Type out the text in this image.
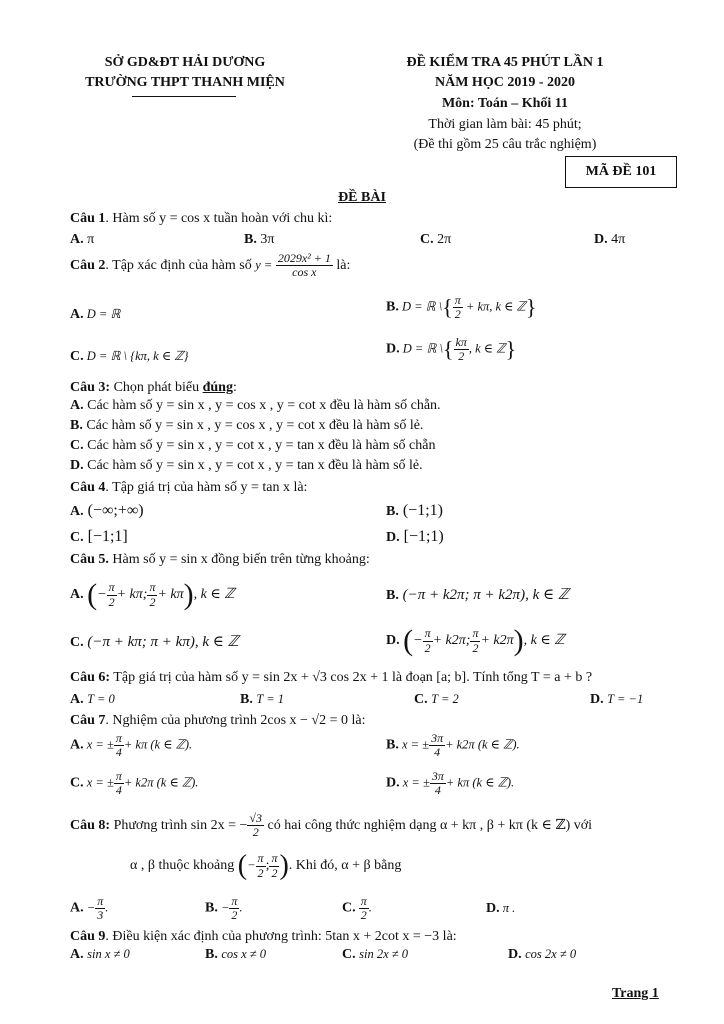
SỞ GD&ĐT HẢI DƯƠNG
TRƯỜNG THPT THANH MIỆN
ĐỀ KIỂM TRA 45 PHÚT LẦN 1
NĂM HỌC 2019 - 2020
Môn: Toán – Khối 11
Thời gian làm bài: 45 phút;
(Đề thi gồm 25 câu trắc nghiệm)
MÃ ĐỀ 101
ĐỀ BÀI
Câu 1. Hàm số y = cos x tuần hoàn với chu kì:
A. π	B. 3π	C. 2π	D. 4π
Câu 2. Tập xác định của hàm số $y = \frac{\text{2029x² + 1}}{\text{cos x}}$ là:
A. D = ℝ	B. D = ℝ \{ $\frac{\pi}{2} + k\pi$, k ∈ ℤ}
C. D = ℝ \ {kπ, k ∈ ℤ}	D. D = ℝ \{ $\frac{k\pi}{2}$ , k ∈ ℤ}
Câu 3: Chọn phát biểu đúng:
A. Các hàm số y = sin x , y = cos x , y = cot x đều là hàm số chẵn.
B. Các hàm số y = sin x , y = cos x , y = cot x đều là hàm số lẻ.
C. Các hàm số y = sin x , y = cot x , y = tan x đều là hàm số chẵn
D. Các hàm số y = sin x , y = cot x , y = tan x đều là hàm số lẻ.
Câu 4. Tập giá trị của hàm số y = tan x là:
A. (−∞;+∞)	B. (−1;1)
C. [−1;1]	D. [−1;1)
Câu 5. Hàm số y = sin x đồng biến trên từng khoảng:
A. (− $\frac{\pi}{2} + k\pi$; $\frac{\pi}{2} + k\pi$), k ∈ ℤ	B. (−π + k2π; π + k2π), k ∈ ℤ
C. (−π + kπ; π + kπ), k ∈ ℤ	D. (− $\frac{\pi}{2} + k2\pi$; $\frac{\pi}{2} + k2\pi$), k ∈ ℤ
Câu 6: Tập giá trị của hàm số y = sin 2x + √3 cos 2x + 1 là đoạn [a; b]. Tính tổng T = a + b ?
A. T = 0	B. T = 1	C. T = 2	D. T = −1
Câu 7. Nghiệm của phương trình 2cos x − √2 = 0 là:
A. x = ± $\frac{\pi}{4} + k\pi$ (k ∈ ℤ).	B. x = ± $\frac{3\pi}{4} + k2\pi$ (k ∈ ℤ).
C. x = ± $\frac{\pi}{4} + k2\pi$ (k ∈ ℤ).	D. x = ± $\frac{3\pi}{4} + k\pi$ (k ∈ ℤ).
Câu 8: Phương trình sin 2x = − $\frac{√3}{2}$ có hai công thức nghiệm dạng α + kπ , β + kπ (k ∈ ℤ) với
α , β thuộc khoảng (− $\frac{\pi}{2}$ ; $\frac{\pi}{2}$ ). Khi đó, α + β bằng
A. − $\frac{\pi}{3}$ .	B. − $\frac{\pi}{2}$ .	C. $\frac{\pi}{2}$ .	D. π .
Câu 9. Điều kiện xác định của phương trình: 5tan x + 2cot x = −3 là:
A. sin x ≠ 0	B. cos x ≠ 0	C. sin 2x ≠ 0	D. cos 2x ≠ 0
Trang 1
